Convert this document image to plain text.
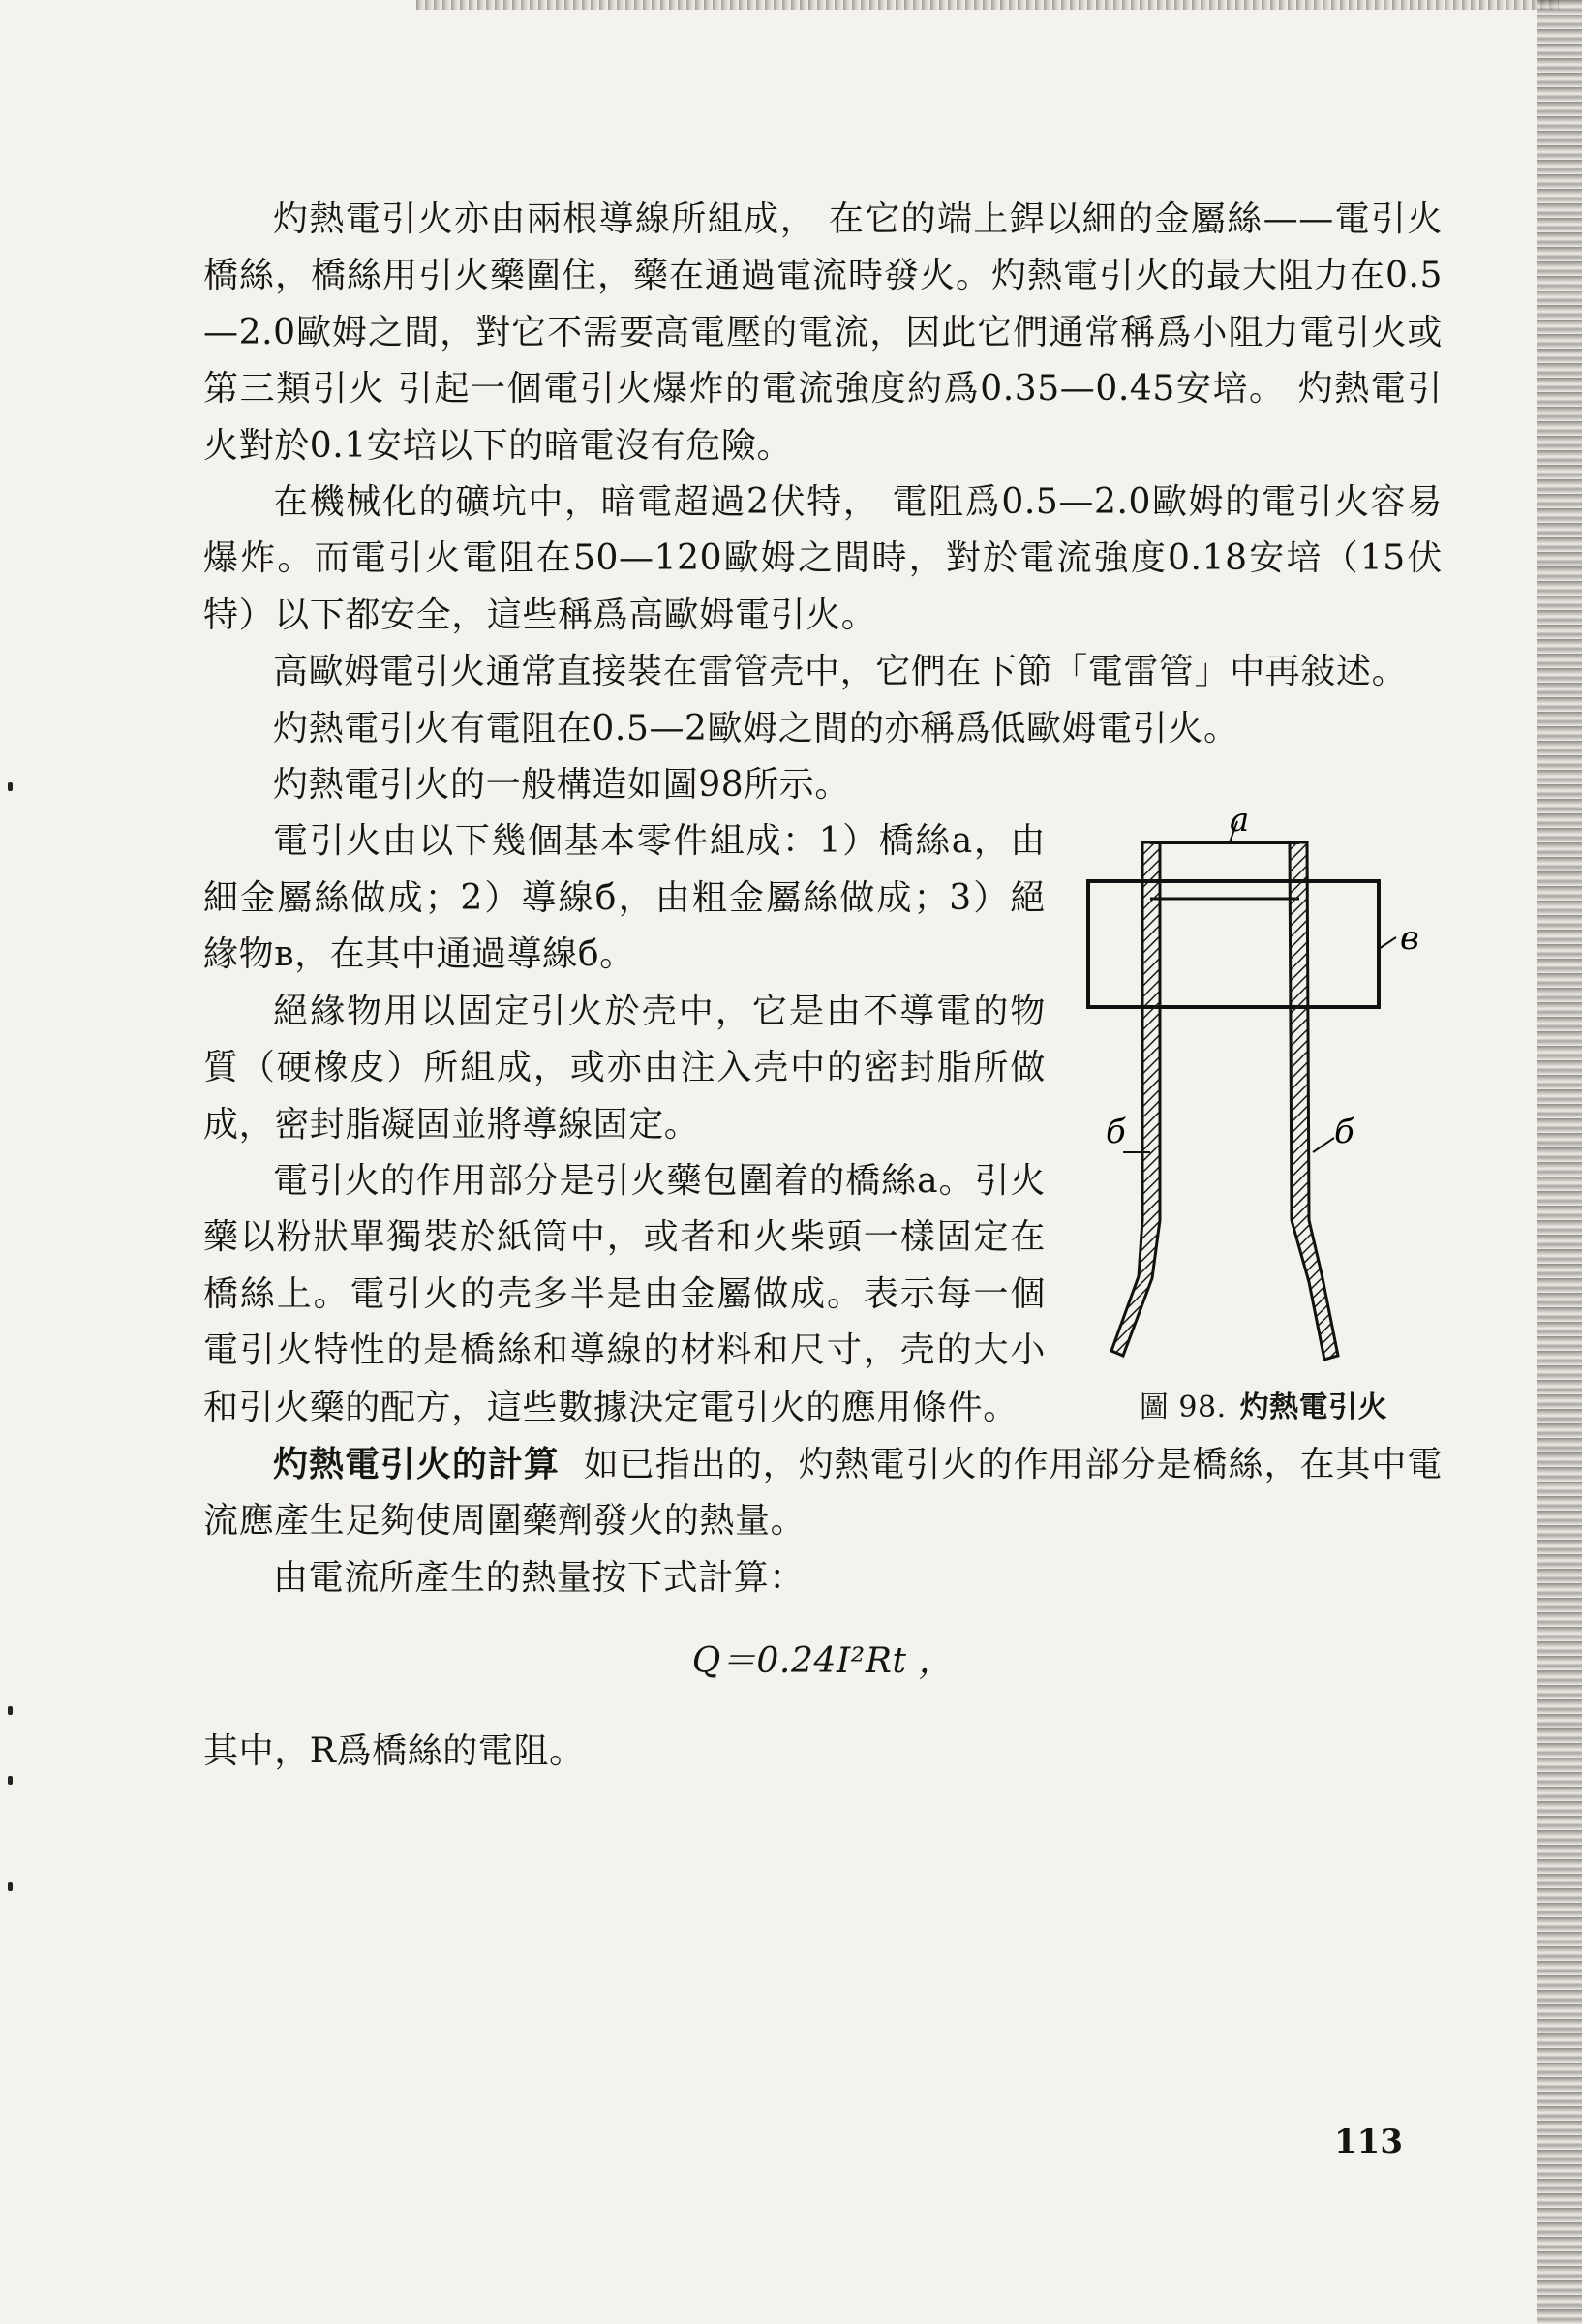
灼熱電引火亦由兩根導線所組成， 在它的端上銲以細的金屬絲——電引火橋絲，橋絲用引火藥圍住，藥在通過電流時發火。灼熱電引火的最大阻力在0.5—2.0歐姆之間，對它不需要高電壓的電流，因此它們通常稱爲小阻力電引火或第三類引火 引起一個電引火爆炸的電流強度約爲0.35—0.45安培。 灼熱電引火對於0.1安培以下的暗電沒有危險。

在機械化的礦坑中，暗電超過2伏特， 電阻爲0.5—2.0歐姆的電引火容易爆炸。而電引火電阻在50—120歐姆之間時，對於電流強度0.18安培（15伏特）以下都安全，這些稱爲高歐姆電引火。

高歐姆電引火通常直接裝在雷管壳中，它們在下節「電雷管」中再敍述。

灼熱電引火有電阻在0.5—2歐姆之間的亦稱爲低歐姆電引火。

灼熱電引火的一般構造如圖98所示。

a
в
б	б
圖 98. 灼熱電引火

電引火由以下幾個基本零件組成：1）橋絲a，由細金屬絲做成；2）導線б，由粗金屬絲做成；3）絕緣物в，在其中通過導線б。

絕緣物用以固定引火於壳中，它是由不導電的物質（硬橡皮）所組成，或亦由注入壳中的密封脂所做成，密封脂凝固並將導線固定。

電引火的作用部分是引火藥包圍着的橋絲a。引火藥以粉狀單獨裝於紙筒中，或者和火柴頭一樣固定在橋絲上。電引火的壳多半是由金屬做成。表示每一個電引火特性的是橋絲和導線的材料和尺寸，壳的大小和引火藥的配方，這些數據決定電引火的應用條件。

灼熱電引火的計算 如已指出的，灼熱電引火的作用部分是橋絲，在其中電流應產生足夠使周圍藥劑發火的熱量。

由電流所產生的熱量按下式計算：

Q＝0.24I²Rt ，

其中，R爲橋絲的電阻。

113
